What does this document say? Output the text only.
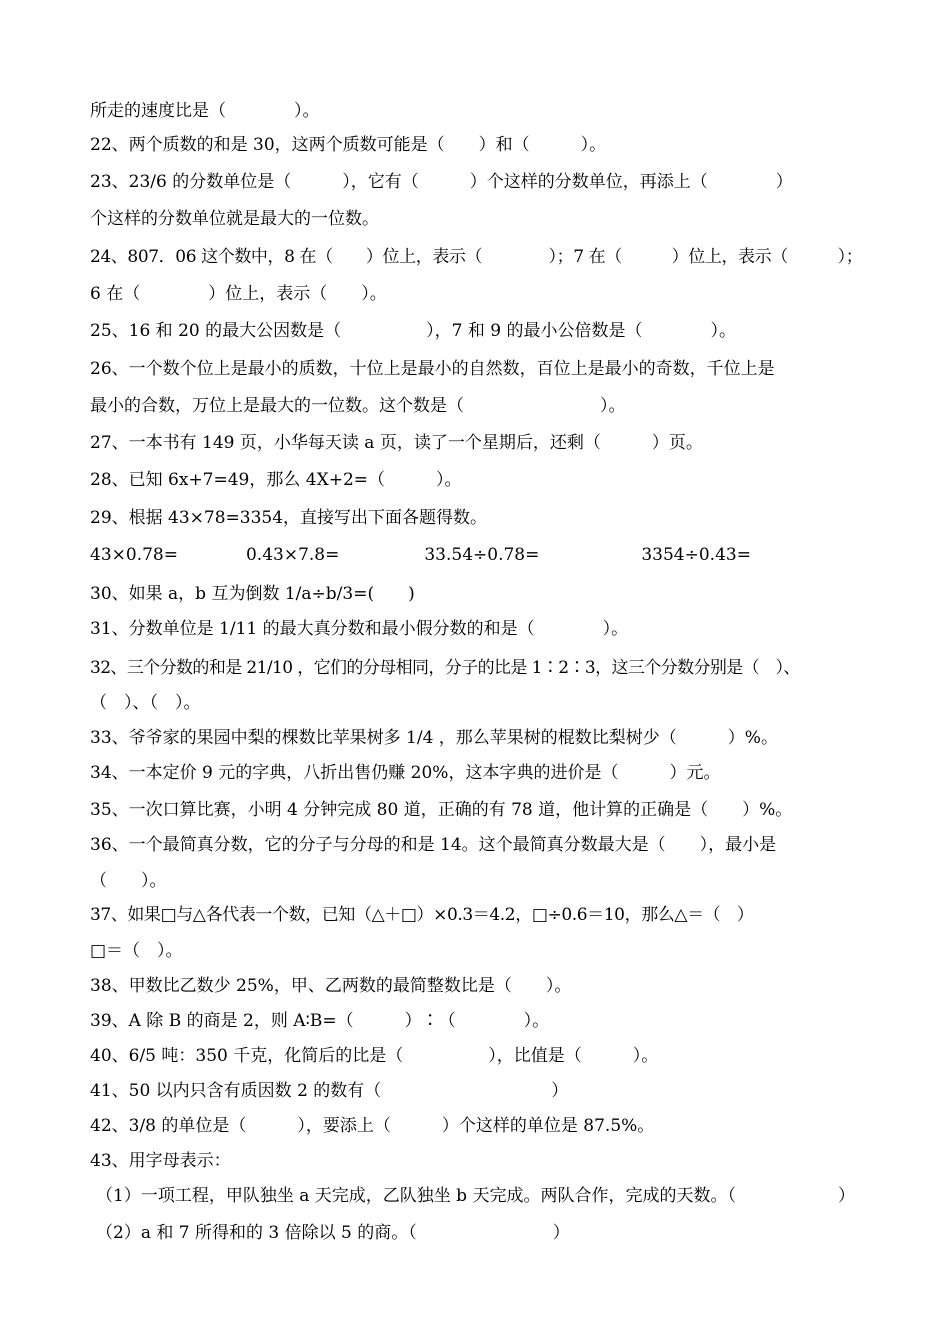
所走的速度比是（　　　　）。
22、两个质数的和是 30，这两个质数可能是（　　）和（　　　）。
23、23/6 的分数单位是（　　　），它有（　　　）个这样的分数单位，再添上（　　　　）
个这样的分数单位就是最大的一位数。
24、807．06 这个数中，8 在（　　）位上，表示（　　　　）；7 在（　　　）位上，表示（　　　）；
6 在（　　　　）位上，表示（　　）。
25、16 和 20 的最大公因数是（　　　　　），7 和 9 的最小公倍数是（　　　　）。
26、一个数个位上是最小的质数，十位上是最小的自然数，百位上是最小的奇数，千位上是
最小的合数，万位上是最大的一位数。这个数是（　　　　　　　　）。
27、一本书有 149 页，小华每天读 a 页，读了一个星期后，还剩（　　　）页。
28、已知 6x+7=49，那么 4X+2=（　　　）。
29、根据 43×78=3354，直接写出下面各题得数。
43×0.78=　　　　0.43×7.8=　　　　　33.54÷0.78=　　　　　　3354÷0.43=
30、如果 a，b 互为倒数 1/a÷b/3=(　　)
31、分数单位是 1/11 的最大真分数和最小假分数的和是（　　　　）。
32、三个分数的和是 21/10 ，它们的分母相同，分子的比是 1∶2∶3，这三个分数分别是（　）、
（　）、（　）。
33、爷爷家的果园中梨的棵数比苹果树多 1/4 ，那么苹果树的棍数比梨树少（　　　）%。
34、一本定价 9 元的字典，八折出售仍赚 20%，这本字典的进价是（　　　）元。
35、一次口算比赛，小明 4 分钟完成 80 道，正确的有 78 道，他计算的正确是（　　）%。
36、一个最简真分数，它的分子与分母的和是 14。这个最简真分数最大是（　　），最小是
（　　）。
37、如果□与△各代表一个数，已知（△＋□）×0.3＝4.2，□÷0.6＝10，那么△＝（　）
□＝（　）。
38、甲数比乙数少 25%，甲、乙两数的最简整数比是（　　）。
39、A 除 B 的商是 2，则 A∶B=（　　　）∶（　　　　）。
40、6/5 吨：350 千克，化简后的比是（　　　　　），比值是（　　　）。
41、50 以内只含有质因数 2 的数有（　　　　　　　　　　）
42、3/8 的单位是（　　　），要添上（　　　）个这样的单位是 87.5%。
43、用字母表示：
（1）一项工程，甲队独坐 a 天完成，乙队独坐 b 天完成。两队合作，完成的天数。（　　　　　　）
（2）a 和 7 所得和的 3 倍除以 5 的商。（　　　　　　　　）
